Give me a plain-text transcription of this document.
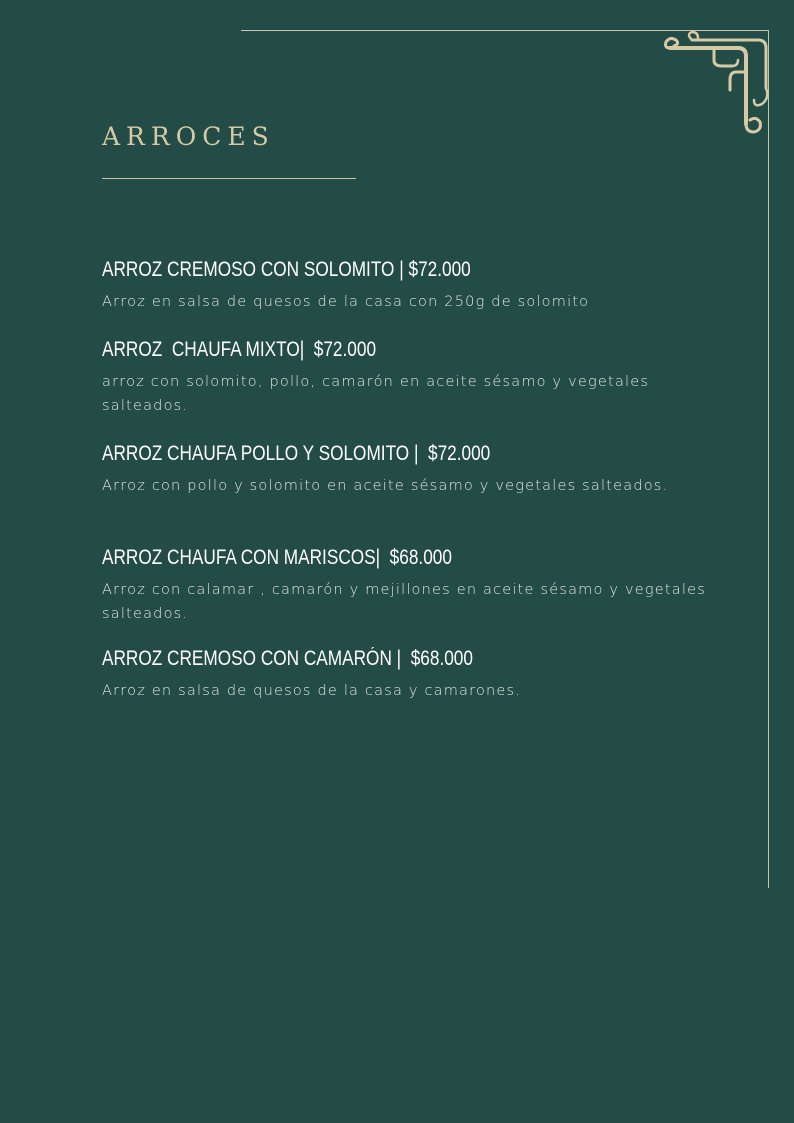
ARROCES
ARROZ CREMOSO CON SOLOMITO | $72.000
Arroz en salsa de quesos de la casa con 250g de solomito
ARROZ  CHAUFA MIXTO|  $72.000
arroz con solomito, pollo, camarón en aceite sésamo y vegetales salteados.
ARROZ CHAUFA POLLO Y SOLOMITO |  $72.000
Arroz con pollo y solomito en aceite sésamo y vegetales salteados.
ARROZ CHAUFA CON MARISCOS|  $68.000
Arroz con calamar , camarón y mejillones en aceite sésamo y vegetales salteados.
ARROZ CREMOSO CON CAMARÓN |  $68.000
Arroz en salsa de quesos de la casa y camarones.
